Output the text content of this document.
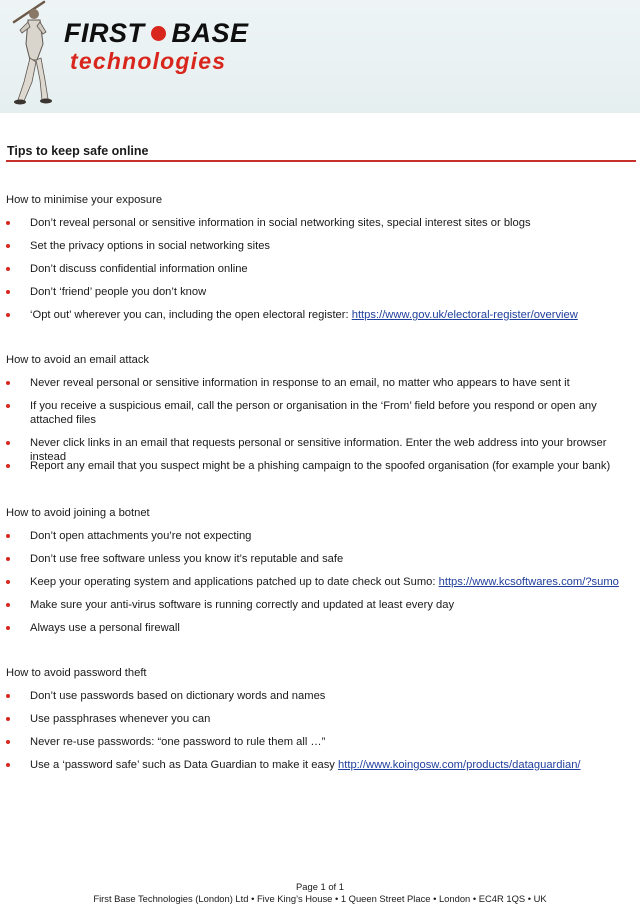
FIRST BASE
technologies
Tips to keep safe online

How to minimise your exposure

Don’t reveal personal or sensitive information in social networking sites, special interest sites or blogs
Set the privacy options in social networking sites
Don’t discuss confidential information online
Don’t ‘friend’ people you don’t know
‘Opt out’ wherever you can, including the open electoral register: https://www.gov.uk/electoral-register/overview

How to avoid an email attack

Never reveal personal or sensitive information in response to an email, no matter who appears to have sent it
If you receive a suspicious email, call the person or organisation in the ‘From’ field before you respond or open any attached files
Never click links in an email that requests personal or sensitive information. Enter the web address into your browser instead
Report any email that you suspect might be a phishing campaign to the spoofed organisation (for example your bank)

How to avoid joining a botnet

Don’t open attachments you’re not expecting
Don’t use free software unless you know it’s reputable and safe
Keep your operating system and applications patched up to date check out Sumo: https://www.kcsoftwares.com/?sumo
Make sure your anti-virus software is running correctly and updated at least every day
Always use a personal firewall

How to avoid password theft

Don’t use passwords based on dictionary words and names
Use passphrases whenever you can
Never re-use passwords: “one password to rule them all …”
Use a ‘password safe’ such as Data Guardian to make it easy http://www.koingosw.com/products/dataguardian/
Page 1 of 1
First Base Technologies (London) Ltd • Five King’s House • 1 Queen Street Place • London • EC4R 1QS • UK
